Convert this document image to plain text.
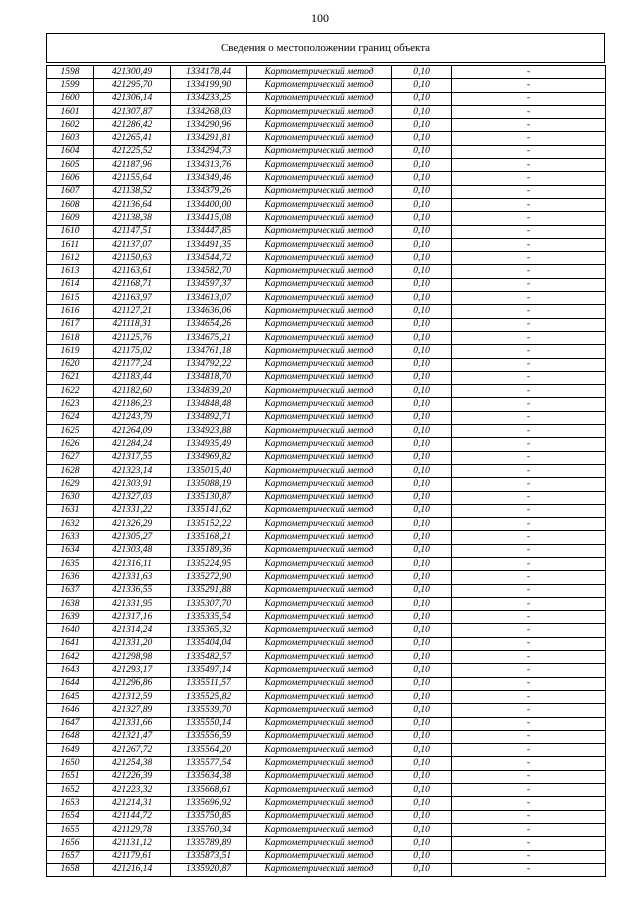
100
Сведения о местоположении границ объекта
1598	421300,49	1334178,44	Картометрический метод	0,10	-
1599	421295,70	1334199,90	Картометрический метод	0,10	-
1600	421306,14	1334233,25	Картометрический метод	0,10	-
1601	421307,87	1334268,03	Картометрический метод	0,10	-
1602	421286,42	1334290,96	Картометрический метод	0,10	-
1603	421265,41	1334291,81	Картометрический метод	0,10	-
1604	421225,52	1334294,73	Картометрический метод	0,10	-
1605	421187,96	1334313,76	Картометрический метод	0,10	-
1606	421155,64	1334349,46	Картометрический метод	0,10	-
1607	421138,52	1334379,26	Картометрический метод	0,10	-
1608	421136,64	1334400,00	Картометрический метод	0,10	-
1609	421138,38	1334415,08	Картометрический метод	0,10	-
1610	421147,51	1334447,85	Картометрический метод	0,10	-
1611	421137,07	1334491,35	Картометрический метод	0,10	-
1612	421150,63	1334544,72	Картометрический метод	0,10	-
1613	421163,61	1334582,70	Картометрический метод	0,10	-
1614	421168,71	1334597,37	Картометрический метод	0,10	-
1615	421163,97	1334613,07	Картометрический метод	0,10	-
1616	421127,21	1334636,06	Картометрический метод	0,10	-
1617	421118,31	1334654,26	Картометрический метод	0,10	-
1618	421125,76	1334675,21	Картометрический метод	0,10	-
1619	421175,02	1334761,18	Картометрический метод	0,10	-
1620	421177,24	1334792,22	Картометрический метод	0,10	-
1621	421183,44	1334818,70	Картометрический метод	0,10	-
1622	421182,60	1334839,20	Картометрический метод	0,10	-
1623	421186,23	1334848,48	Картометрический метод	0,10	-
1624	421243,79	1334892,71	Картометрический метод	0,10	-
1625	421264,09	1334923,88	Картометрический метод	0,10	-
1626	421284,24	1334935,49	Картометрический метод	0,10	-
1627	421317,55	1334969,82	Картометрический метод	0,10	-
1628	421323,14	1335015,40	Картометрический метод	0,10	-
1629	421303,91	1335088,19	Картометрический метод	0,10	-
1630	421327,03	1335130,87	Картометрический метод	0,10	-
1631	421331,22	1335141,62	Картометрический метод	0,10	-
1632	421326,29	1335152,22	Картометрический метод	0,10	-
1633	421305,27	1335168,21	Картометрический метод	0,10	-
1634	421303,48	1335189,36	Картометрический метод	0,10	-
1635	421316,11	1335224,95	Картометрический метод	0,10	-
1636	421331,63	1335272,90	Картометрический метод	0,10	-
1637	421336,55	1335291,88	Картометрический метод	0,10	-
1638	421331,95	1335307,70	Картометрический метод	0,10	-
1639	421317,16	1335335,54	Картометрический метод	0,10	-
1640	421314,24	1335365,32	Картометрический метод	0,10	-
1641	421331,20	1335404,04	Картометрический метод	0,10	-
1642	421298,98	1335482,57	Картометрический метод	0,10	-
1643	421293,17	1335497,14	Картометрический метод	0,10	-
1644	421296,86	1335511,57	Картометрический метод	0,10	-
1645	421312,59	1335525,82	Картометрический метод	0,10	-
1646	421327,89	1335539,70	Картометрический метод	0,10	-
1647	421331,66	1335550,14	Картометрический метод	0,10	-
1648	421321,47	1335556,59	Картометрический метод	0,10	-
1649	421267,72	1335564,20	Картометрический метод	0,10	-
1650	421254,38	1335577,54	Картометрический метод	0,10	-
1651	421226,39	1335634,38	Картометрический метод	0,10	-
1652	421223,32	1335668,61	Картометрический метод	0,10	-
1653	421214,31	1335696,92	Картометрический метод	0,10	-
1654	421144,72	1335750,85	Картометрический метод	0,10	-
1655	421129,78	1335760,34	Картометрический метод	0,10	-
1656	421131,12	1335789,89	Картометрический метод	0,10	-
1657	421179,61	1335873,51	Картометрический метод	0,10	-
1658	421216,14	1335920,87	Картометрический метод	0,10	-
